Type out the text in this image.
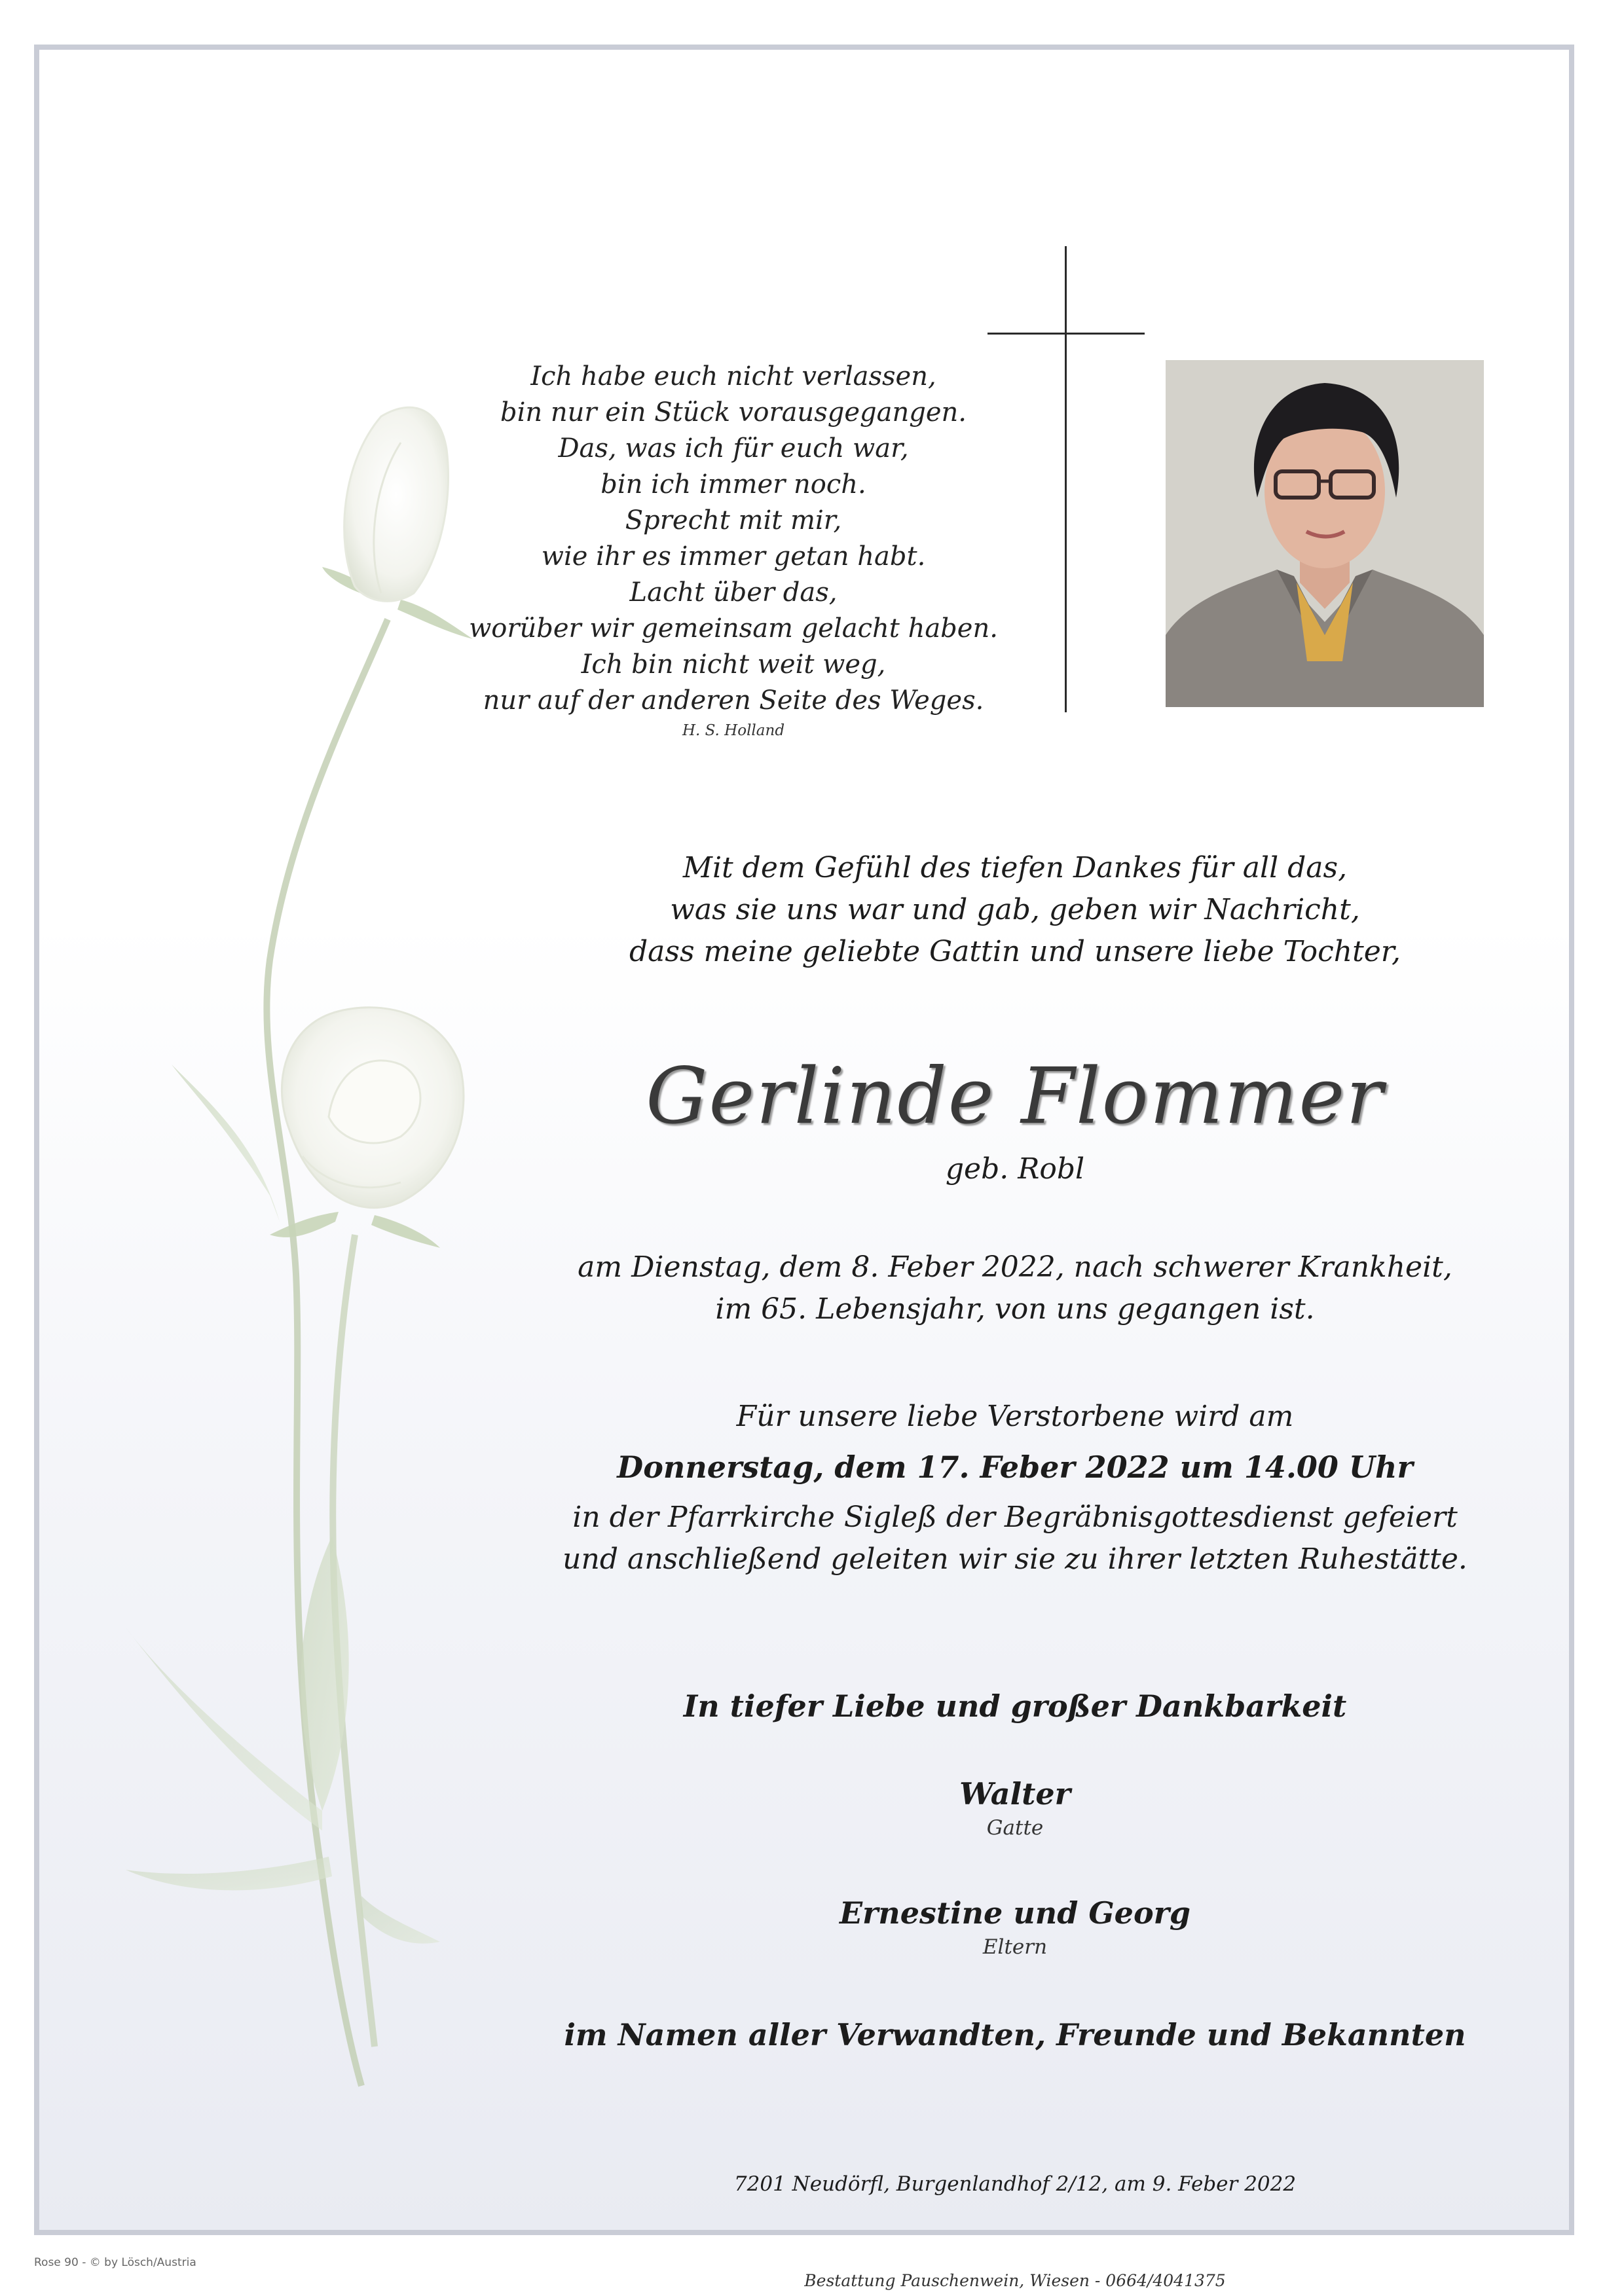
Ich habe euch nicht verlassen,
bin nur ein Stück vorausgegangen.
Das, was ich für euch war,
bin ich immer noch.
Sprecht mit mir,
wie ihr es immer getan habt.
Lacht über das,
worüber wir gemeinsam gelacht haben.
Ich bin nicht weit weg,
nur auf der anderen Seite des Weges.
H. S. Holland
Mit dem Gefühl des tiefen Dankes für all das,
was sie uns war und gab, geben wir Nachricht,
dass meine geliebte Gattin und unsere liebe Tochter,
Gerlinde Flommer
geb. Robl
am Dienstag, dem 8. Feber 2022, nach schwerer Krankheit,
im 65. Lebensjahr, von uns gegangen ist.
Für unsere liebe Verstorbene wird am
Donnerstag, dem 17. Feber 2022 um 14.00 Uhr
in der Pfarrkirche Sigleß der Begräbnisgottesdienst gefeiert
und anschließend geleiten wir sie zu ihrer letzten Ruhestätte.
In tiefer Liebe und großer Dankbarkeit
Walter
Gatte
Ernestine und Georg
Eltern
im Namen aller Verwandten, Freunde und Bekannten
7201 Neudörfl, Burgenlandhof 2/12, am 9. Feber 2022
Bestattung Pauschenwein, Wiesen - 0664/4041375
Rose 90 - © by Lösch/Austria
